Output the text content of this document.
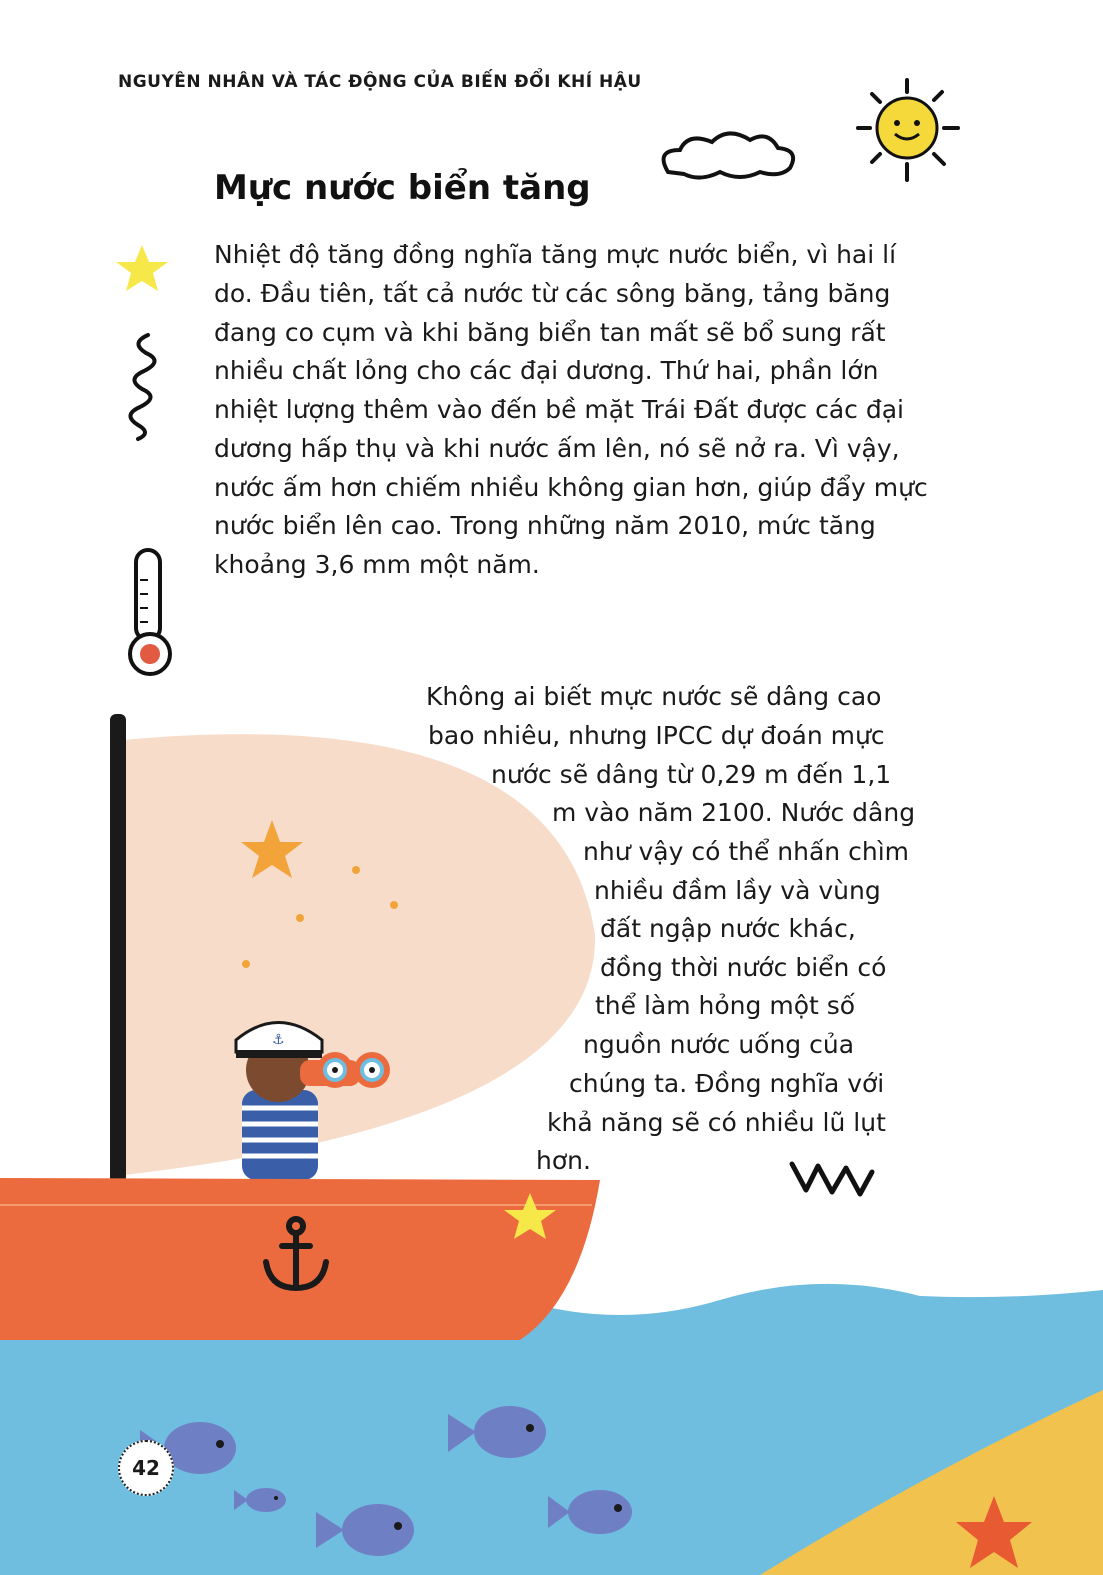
⚓
NGUYÊN NHÂN VÀ TÁC ĐỘNG CỦA BIẾN ĐỔI KHÍ HẬU
Mực nước biển tăng
Nhiệt độ tăng đồng nghĩa tăng mực nước biển, vì hai lí
do. Đầu tiên, tất cả nước từ các sông băng, tảng băng
đang co cụm và khi băng biển tan mất sẽ bổ sung rất
nhiều chất lỏng cho các đại dương. Thứ hai, phần lớn
nhiệt lượng thêm vào đến bề mặt Trái Đất được các đại
dương hấp thụ và khi nước ấm lên, nó sẽ nở ra. Vì vậy,
nước ấm hơn chiếm nhiều không gian hơn, giúp đẩy mực
nước biển lên cao. Trong những năm 2010, mức tăng
khoảng 3,6 mm một năm.
Không ai biết mực nước sẽ dâng cao
bao nhiêu, nhưng IPCC dự đoán mực
nước sẽ dâng từ 0,29 m đến 1,1
m vào năm 2100. Nước dâng
như vậy có thể nhấn chìm
nhiều đầm lầy và vùng
đất ngập nước khác,
đồng thời nước biển có
thể làm hỏng một số
nguồn nước uống của
chúng ta. Đồng nghĩa với
khả năng sẽ có nhiều lũ lụt
hơn.
42
